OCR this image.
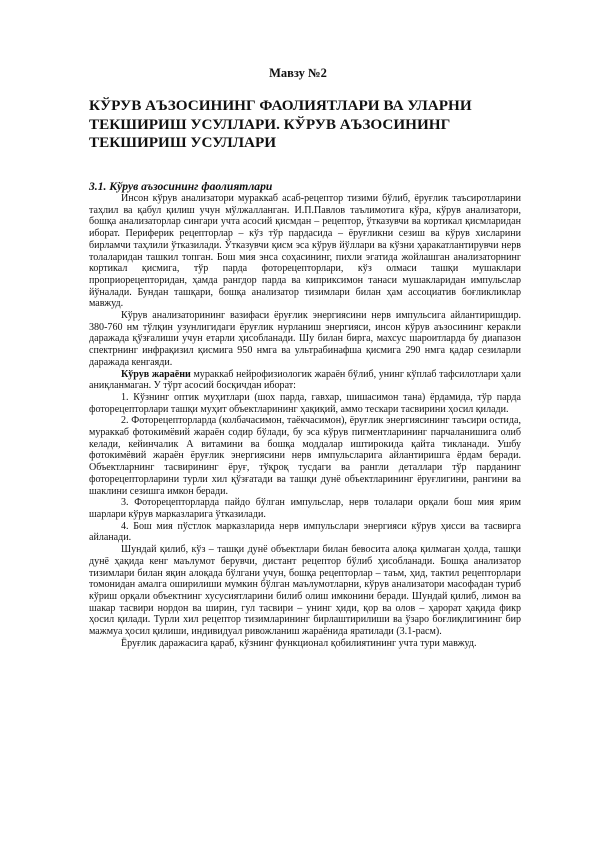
Мавзу №2
КЎРУВ АЪЗОСИНИНГ ФАОЛИЯТЛАРИ ВА УЛАРНИ ТЕКШИРИШ УСУЛЛАРИ. КЎРУВ АЪЗОСИНИНГ ТЕКШИРИШ УСУЛЛАРИ
3.1. Кўрув аъзосининг фаолиятлари

Инсон кўрув анализатори мураккаб асаб-рецептор тизими бўлиб, ёруғлик таъсиротларини таҳлил ва қабул қилиш учун мўлжалланган. И.П.Павлов таълимотига кўра, кўрув анализатори, бошқа анализаторлар сингари учта асосий қисмдан – рецептор, ўтказувчи ва кортикал қисмларидан иборат. Периферик рецепторлар – кўз тўр пардасида – ёруғликни сезиш ва кўрув хисларини бирламчи таҳлили ўтказилади. Ўтказувчи қисм эса кўрув йўллари ва кўзни ҳаракатлантирувчи нерв толаларидан ташкил топган. Бош мия энса соҳасининг, пихли эгатида жойлашган анализаторнинг кортикал қисмига, тўр парда фоторецепторлари, кўз олмаси ташқи мушаклари проприорецепторидан, ҳамда рангдор парда ва киприксимон танаси мушакларидан импульслар йўналади. Бундан ташқари, бошқа анализатор тизимлари билан ҳам ассоциатив боғликликлар мавжуд.

Кўрув анализаторининг вазифаси ёруғлик энергиясини нерв импульсига айлантиришдир. 380-760 нм тўлқин узунлигидаги ёруғлик нурланиш энергияси, инсон кўрув аъзосининг керакли даражада қўзғалиши учун етарли ҳисобланади. Шу билан бирга, махсус шароитларда бу диапазон спектрнинг инфрақизил қисмига 950 нмга ва ультрабинафша қисмига 290 нмга қадар сезиларли даражада кенгаяди.

Кўрув жараёни мураккаб нейрофизиологик жараён бўлиб, унинг кўплаб тафсилотлари ҳали аниқланмаган. У тўрт асосий босқичдан иборат:

1. Кўзнинг оптик муҳитлари (шох парда, гавхар, шишасимон тана) ёрдамида, тўр парда фоторецепторлари ташқи муҳит объектларининг ҳақиқий, аммо тескари тасвирини ҳосил қилади.

2. Фоторецепторларда (колбачасимон, таёкчасимон), ёруғлик энергиясининг таъсири остида, мураккаб фотокимёвий жараён содир бўлади, бу эса кўрув пигментларининг парчаланишига олиб келади, кейинчалик А витамини ва бошқа моддалар иштирокида қайта тикланади. Ушбу фотокимёвий жараён ёруғлик энергиясини нерв импульсларига айлантиришга ёрдам беради. Объектларнинг тасвирининг ёруғ, тўқроқ тусдаги ва рангли деталлари тўр парданинг фоторецепторларини турли хил қўзғатади ва ташқи дунё объектларининг ёруғлигини, рангини ва шаклини сезишга имкон беради.

3. Фоторецепторларда пайдо бўлган импульслар, нерв толалари орқали бош мия ярим шарлари кўрув марказларига ўтказилади.

4. Бош мия пўстлок марказларида нерв импульслари энергияси кўрув ҳисси ва тасвирга айланади.

Шундай қилиб, кўз – ташқи дунё объектлари билан бевосита алоқа қилмаган ҳолда, ташқи дунё ҳақида кенг маълумот берувчи, дистант рецептор бўлиб ҳисобланади. Бошқа анализатор тизимлари билан яқин алоқада бўлгани учун, бошқа рецепторлар – таъм, ҳид, тактил рецепторлари томонидан амалга оширилиши мумкин бўлган маълумотларни, кўрув анализатори масофадан туриб кўриш орқали объектнинг хусусиятларини билиб олиш имконини беради. Шундай қилиб, лимон ва шакар тасвири нордон ва ширин, гул тасвири – унинг ҳиди, қор ва олов – ҳарорат ҳақида фикр ҳосил қилади. Турли хил рецептор тизимларининг бирлаштирилиши ва ўзаро боғлиқлигининг бир мажмуа ҳосил қилиши, индивидуал ривожланиш жараёнида яратилади (3.1-расм).

Ёруғлик даражасига қараб, кўзнинг функционал қобилиятининг учта тури мавжуд.
